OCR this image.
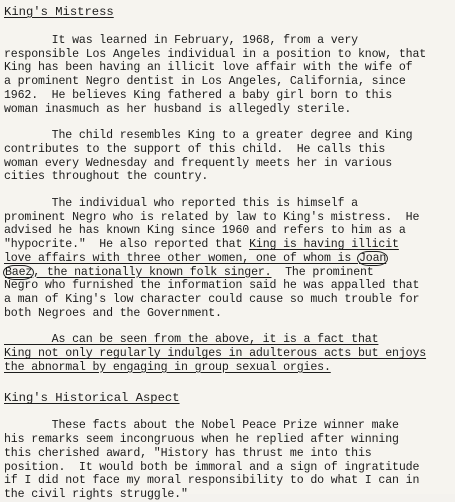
King's Mistress
It was learned in February, 1968, from a very
responsible Los Angeles individual in a position to know, that
King has been having an illicit love affair with the wife of
a prominent Negro dentist in Los Angeles, California, since
1962.  He believes King fathered a baby girl born to this
woman inasmuch as her husband is allegedly sterile.
The child resembles King to a greater degree and King
contributes to the support of this child.  He calls this
woman every Wednesday and frequently meets her in various
cities throughout the country.
The individual who reported this is himself a
prominent Negro who is related by law to King's mistress.  He
advised he has known King since 1960 and refers to him as a
"hypocrite."  He also reported that King is having illicit
love affairs with three other women, one of whom is Joan
Baez, the nationally known folk singer.  The prominent
Negro who furnished the information said he was appalled that
a man of King's low character could cause so much trouble for
both Negroes and the Government.
As can be seen from the above, it is a fact that
King not only regularly indulges in adulterous acts but enjoys
the abnormal by engaging in group sexual orgies.
King's Historical Aspect
These facts about the Nobel Peace Prize winner make
his remarks seem incongruous when he replied after winning
this cherished award, "History has thrust me into this
position.  It would both be immoral and a sign of ingratitude
if I did not face my moral responsibility to do what I can in
the civil rights struggle."
